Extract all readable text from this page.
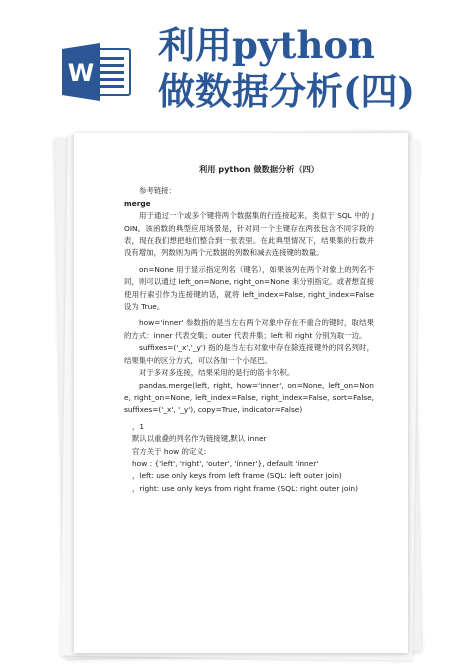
W
利用python
做数据分析(四)
利用 python 做数据分析（四）

参考链接：

merge

用于通过一个或多个键将两个数据集的行连接起来，类似于 SQL 中的 JOIN。该函数的典型应用场景是，针对同一个主键存在两张包含不同字段的表，现在我们想把他们整合到一张表里。在此典型情况下，结果集的行数并没有增加，列数则为两个元数据的列数和减去连接键的数量。

on=None 用于显示指定列名（键名），如果该列在两个对象上的列名不同，则可以通过 left_on=None, right_on=None 来分别指定。或者想直接使用行索引作为连接键的话，就将 left_index=False, right_index=False 设为 True。

how='inner' 参数指的是当左右两个对象中存在不重合的键时，取结果的方式：inner 代表交集；outer 代表并集；left 和 right 分别为取一边。

suffixes=('_x','_y') 指的是当左右对象中存在除连接键外的同名列时，结果集中的区分方式，可以各加一个小尾巴。

对于多对多连接，结果采用的是行的笛卡尔积。

pandas.merge(left, right, how='inner', on=None, left_on=None, right_on=None, left_index=False, right_index=False, sort=False, suffixes=('_x', '_y'), copy=True, indicator=False)

，1

默认以重叠的列名作为链接键,默认 inner

官方关于 how 的定义:

how : {'left', 'right', 'outer', 'inner'}, default 'inner'

，left: use only keys from left frame (SQL: left outer join)

，right: use only keys from right frame (SQL: right outer join)
